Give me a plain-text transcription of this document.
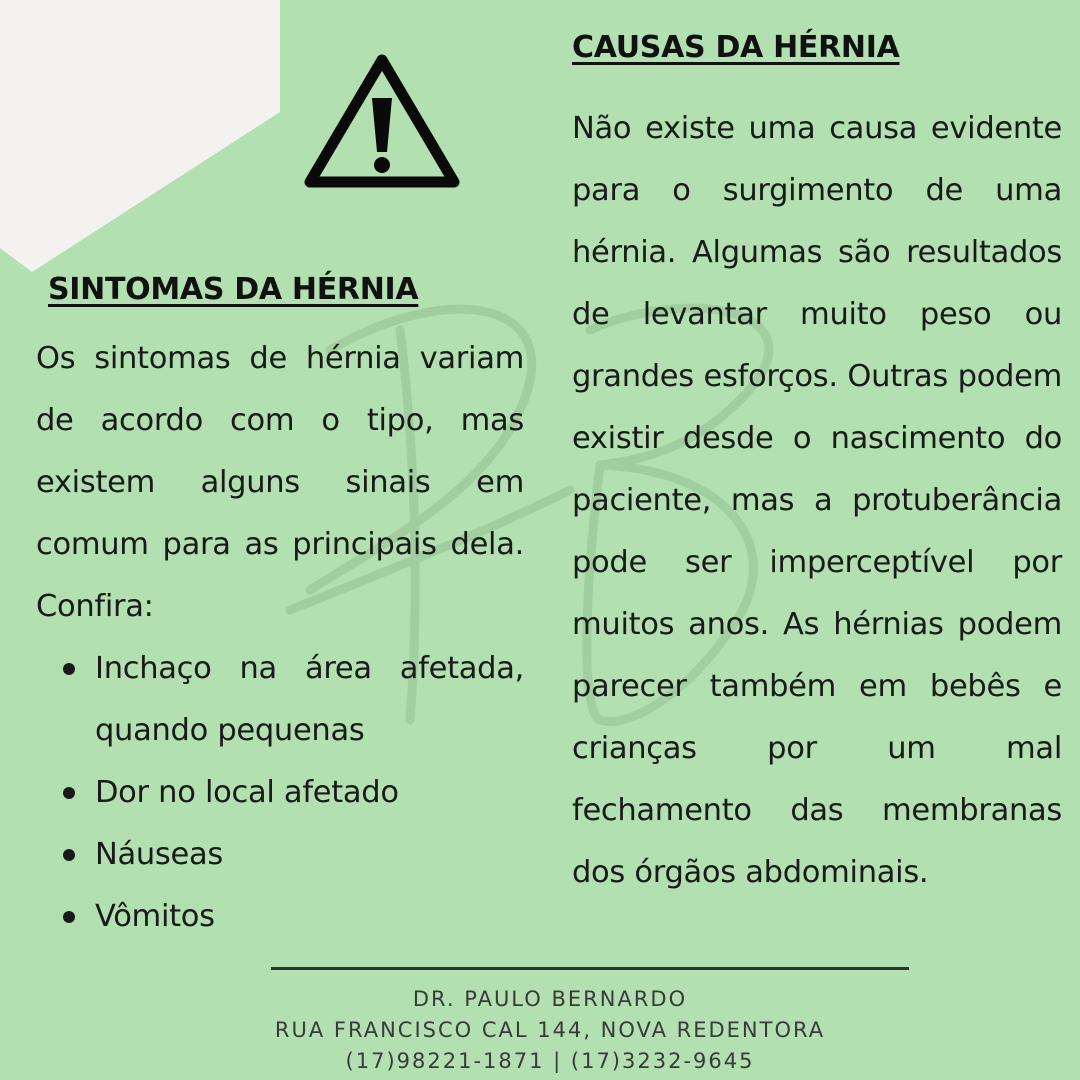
CAUSAS DA HÉRNIA

Não existe uma causa evidente para o surgimento de uma hérnia. Algumas são resultados de levantar muito peso ou grandes esforços. Outras podem existir desde o nascimento do paciente, mas a protuberância pode ser imperceptível por muitos anos. As hérnias podem parecer também em bebês e crianças por um mal fechamento das membranas dos órgãos abdominais.

SINTOMAS DA HÉRNIA

Os sintomas de hérnia variam de acordo com o tipo, mas existem alguns sinais em comum para as principais dela. Confira:

Inchaço na área afetada, quando pequenas
Dor no local afetado
Náuseas
Vômitos
DR. PAULO BERNARDO
RUA FRANCISCO CAL 144, NOVA REDENTORA
(17)98221-1871 | (17)3232-9645
